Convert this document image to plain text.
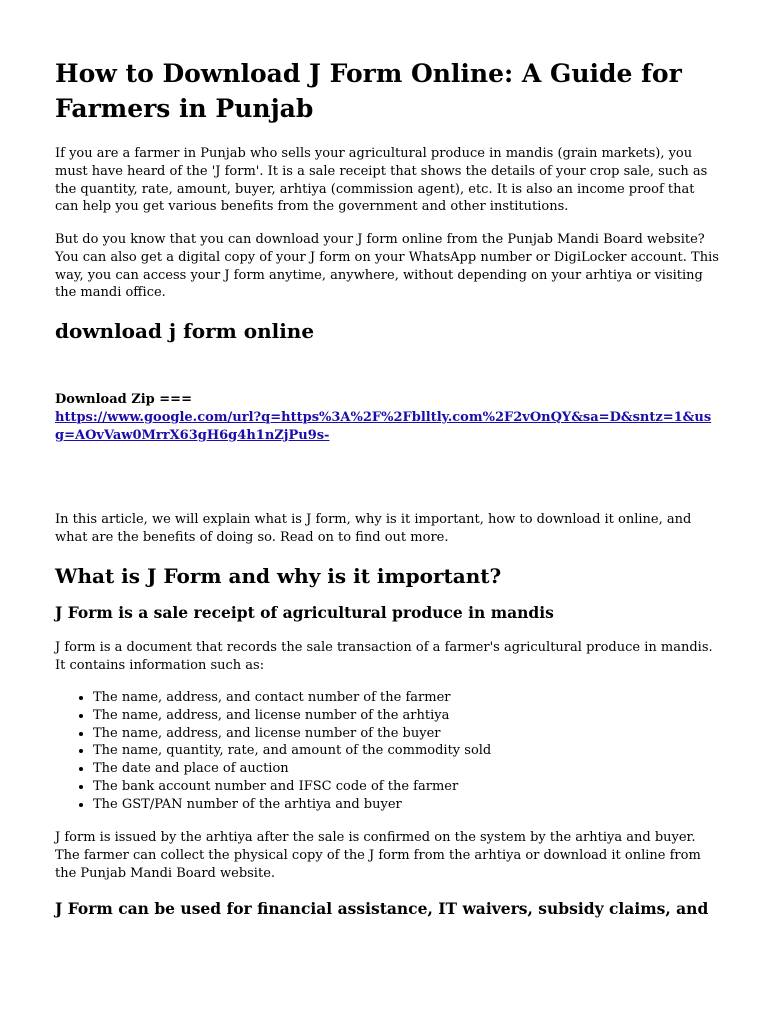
How to Download J Form Online: A Guide for Farmers in Punjab

If you are a farmer in Punjab who sells your agricultural produce in mandis (grain markets), you must have heard of the 'J form'. It is a sale receipt that shows the details of your crop sale, such as the quantity, rate, amount, buyer, arhtiya (commission agent), etc. It is also an income proof that can help you get various benefits from the government and other institutions.

But do you know that you can download your J form online from the Punjab Mandi Board website? You can also get a digital copy of your J form on your WhatsApp number or DigiLocker account. This way, you can access your J form anytime, anywhere, without depending on your arhtiya or visiting the mandi office.

download j form online
Download Zip ===
https://www.google.com/url?q=https%3A%2F%2Fblltly.com%2F2vOnQY&sa=D&sntz=1&usg=AOvVaw0MrrX63gH6g4h1nZjPu9s-

In this article, we will explain what is J form, why is it important, how to download it online, and what are the benefits of doing so. Read on to find out more.

What is J Form and why is it important?
J Form is a sale receipt of agricultural produce in mandis

J form is a document that records the sale transaction of a farmer's agricultural produce in mandis. It contains information such as:

• The name, address, and contact number of the farmer
• The name, address, and license number of the arhtiya
• The name, address, and license number of the buyer
• The name, quantity, rate, and amount of the commodity sold
• The date and place of auction
• The bank account number and IFSC code of the farmer
• The GST/PAN number of the arhtiya and buyer

J form is issued by the arhtiya after the sale is confirmed on the system by the arhtiya and buyer. The farmer can collect the physical copy of the J form from the arhtiya or download it online from the Punjab Mandi Board website.

J Form can be used for financial assistance, IT waivers, subsidy claims, and
